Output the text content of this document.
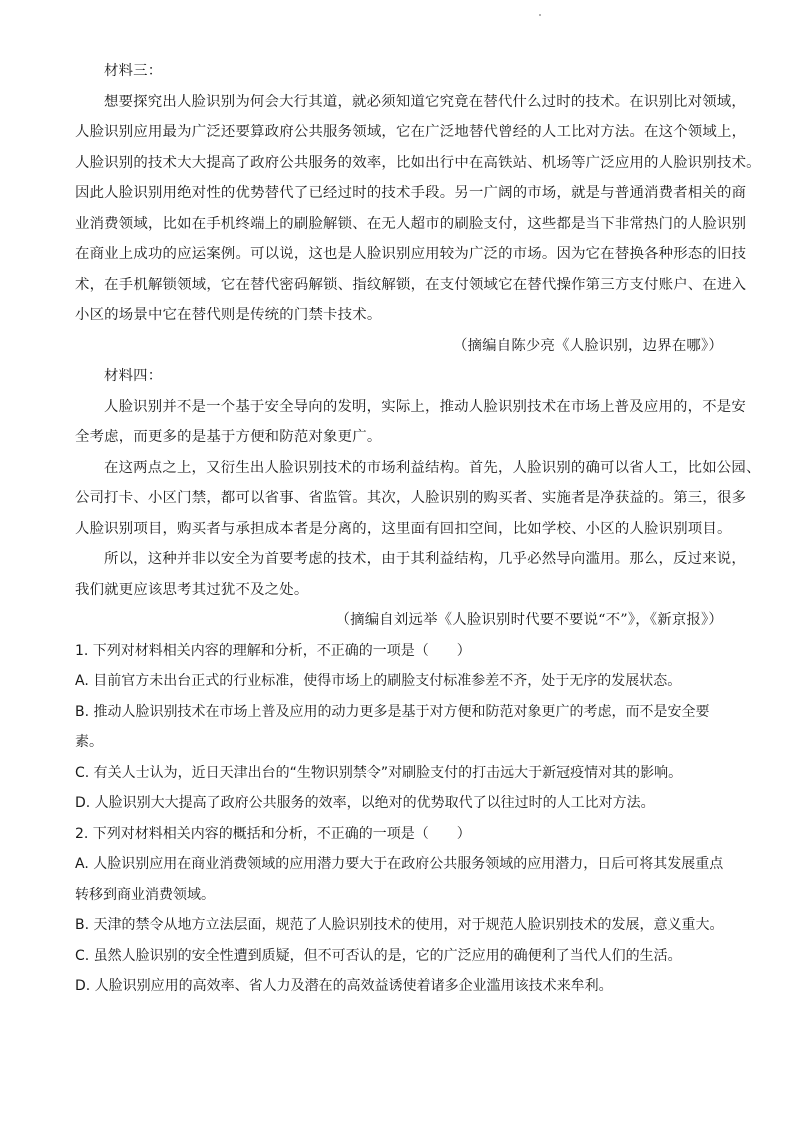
材料三：
想要探究出人脸识别为何会大行其道，就必须知道它究竟在替代什么过时的技术。在识别比对领域，
人脸识别应用最为广泛还要算政府公共服务领域，它在广泛地替代曾经的人工比对方法。在这个领域上，
人脸识别的技术大大提高了政府公共服务的效率，比如出行中在高铁站、机场等广泛应用的人脸识别技术。
因此人脸识别用绝对性的优势替代了已经过时的技术手段。另一广阔的市场，就是与普通消费者相关的商
业消费领域，比如在手机终端上的刷脸解锁、在无人超市的刷脸支付，这些都是当下非常热门的人脸识别
在商业上成功的应运案例。可以说，这也是人脸识别应用较为广泛的市场。因为它在替换各种形态的旧技
术，在手机解锁领域，它在替代密码解锁、指纹解锁，在支付领域它在替代操作第三方支付账户、在进入
小区的场景中它在替代则是传统的门禁卡技术。
（摘编自陈少亮《人脸识别，边界在哪》）
材料四：
人脸识别并不是一个基于安全导向的发明，实际上，推动人脸识别技术在市场上普及应用的，不是安
全考虑，而更多的是基于方便和防范对象更广。
在这两点之上，又衍生出人脸识别技术的市场利益结构。首先，人脸识别的确可以省人工，比如公园、
公司打卡、小区门禁，都可以省事、省监管。其次，人脸识别的购买者、实施者是净获益的。第三，很多
人脸识别项目，购买者与承担成本者是分离的，这里面有回扣空间，比如学校、小区的人脸识别项目。
所以，这种并非以安全为首要考虑的技术，由于其利益结构，几乎必然导向滥用。那么，反过来说，
我们就更应该思考其过犹不及之处。
（摘编自刘远举《人脸识别时代要不要说“不”》，《新京报》）
1. 下列对材料相关内容的理解和分析，不正确的一项是（　　）
A. 目前官方未出台正式的行业标准，使得市场上的刷脸支付标准参差不齐，处于无序的发展状态。
B. 推动人脸识别技术在市场上普及应用的动力更多是基于对方便和防范对象更广的考虑，而不是安全要
素。
C. 有关人士认为，近日天津出台的“生物识别禁令”对刷脸支付的打击远大于新冠疫情对其的影响。
D. 人脸识别大大提高了政府公共服务的效率，以绝对的优势取代了以往过时的人工比对方法。
2. 下列对材料相关内容的概括和分析，不正确的一项是（　　）
A. 人脸识别应用在商业消费领域的应用潜力要大于在政府公共服务领域的应用潜力，日后可将其发展重点
转移到商业消费领域。
B. 天津的禁令从地方立法层面，规范了人脸识别技术的使用，对于规范人脸识别技术的发展，意义重大。
C. 虽然人脸识别的安全性遭到质疑，但不可否认的是，它的广泛应用的确便利了当代人们的生活。
D. 人脸识别应用的高效率、省人力及潜在的高效益诱使着诸多企业滥用该技术来牟利。
